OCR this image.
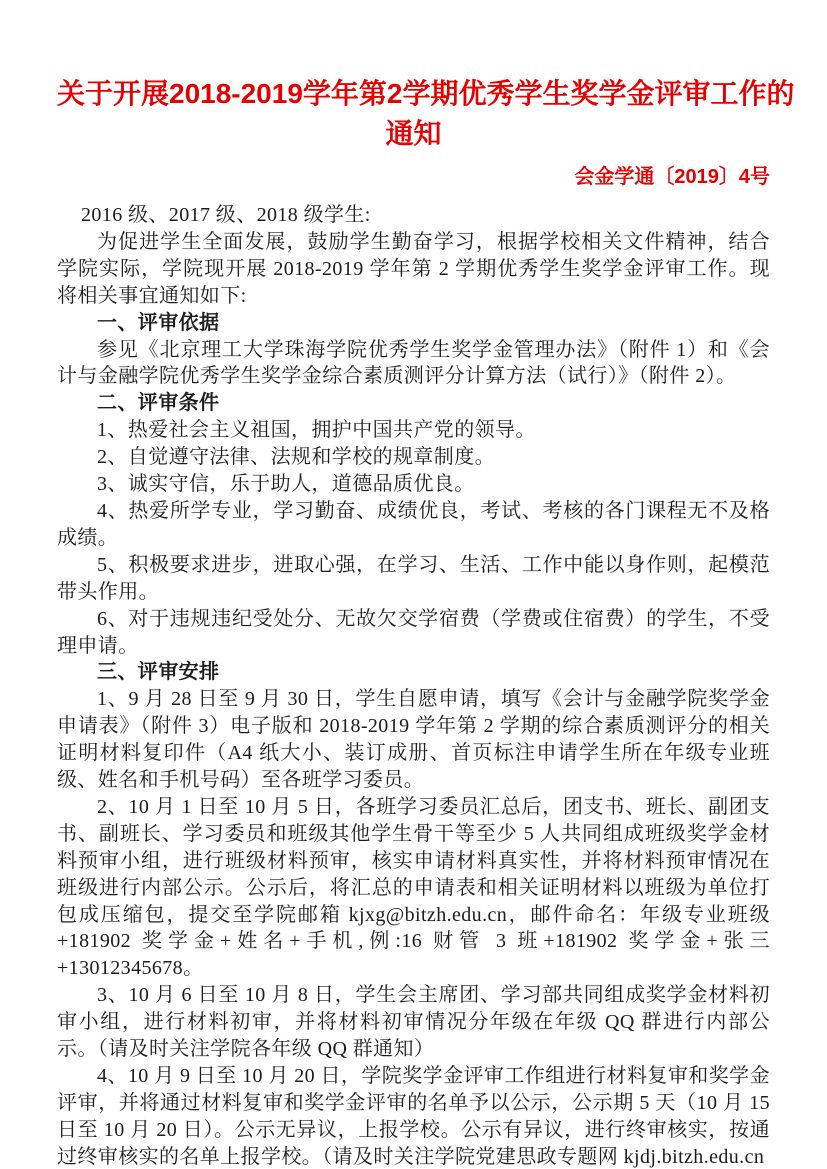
关于开展2018-2019学年第2学期优秀学生奖学金评审工作的
通知
会金学通〔2019〕4号

2016 级、2017 级、2018 级学生:

为促进学生全面发展，鼓励学生勤奋学习，根据学校相关文件精神，结合学院实际，学院现开展 2018-2019 学年第 2 学期优秀学生奖学金评审工作。现将相关事宜通知如下:

一、评审依据

参见《北京理工大学珠海学院优秀学生奖学金管理办法》（附件 1）和《会计与金融学院优秀学生奖学金综合素质测评分计算方法（试行）》（附件 2）。

二、评审条件

1、热爱社会主义祖国，拥护中国共产党的领导。

2、自觉遵守法律、法规和学校的规章制度。

3、诚实守信，乐于助人，道德品质优良。

4、热爱所学专业，学习勤奋、成绩优良，考试、考核的各门课程无不及格成绩。

5、积极要求进步，进取心强，在学习、生活、工作中能以身作则，起模范带头作用。

6、对于违规违纪受处分、无故欠交学宿费（学费或住宿费）的学生，不受理申请。

三、评审安排

1、9 月 28 日至 9 月 30 日，学生自愿申请，填写《会计与金融学院奖学金申请表》（附件 3）电子版和 2018-2019 学年第 2 学期的综合素质测评分的相关证明材料复印件（A4 纸大小、装订成册、首页标注申请学生所在年级专业班级、姓名和手机号码）至各班学习委员。

2、10 月 1 日至 10 月 5 日，各班学习委员汇总后，团支书、班长、副团支书、副班长、学习委员和班级其他学生骨干等至少 5 人共同组成班级奖学金材料预审小组，进行班级材料预审，核实申请材料真实性，并将材料预审情况在班级进行内部公示。公示后，将汇总的申请表和相关证明材料以班级为单位打包成压缩包，提交至学院邮箱 kjxg@bitzh.edu.cn，邮件命名：年级专业班级+181902 奖学金+姓名+手机,例:16 财管 3 班+181902 奖学金+张三+13012345678。

3、10 月 6 日至 10 月 8 日，学生会主席团、学习部共同组成奖学金材料初审小组，进行材料初审，并将材料初审情况分年级在年级 QQ 群进行内部公示。（请及时关注学院各年级 QQ 群通知）

4、10 月 9 日至 10 月 20 日，学院奖学金评审工作组进行材料复审和奖学金评审，并将通过材料复审和奖学金评审的名单予以公示，公示期 5 天（10 月 15 日至 10 月 20 日）。公示无异议，上报学校。公示有异议，进行终审核实，按通过终审核实的名单上报学校。（请及时关注学院党建思政专题网 kjdj.bitzh.edu.cn
